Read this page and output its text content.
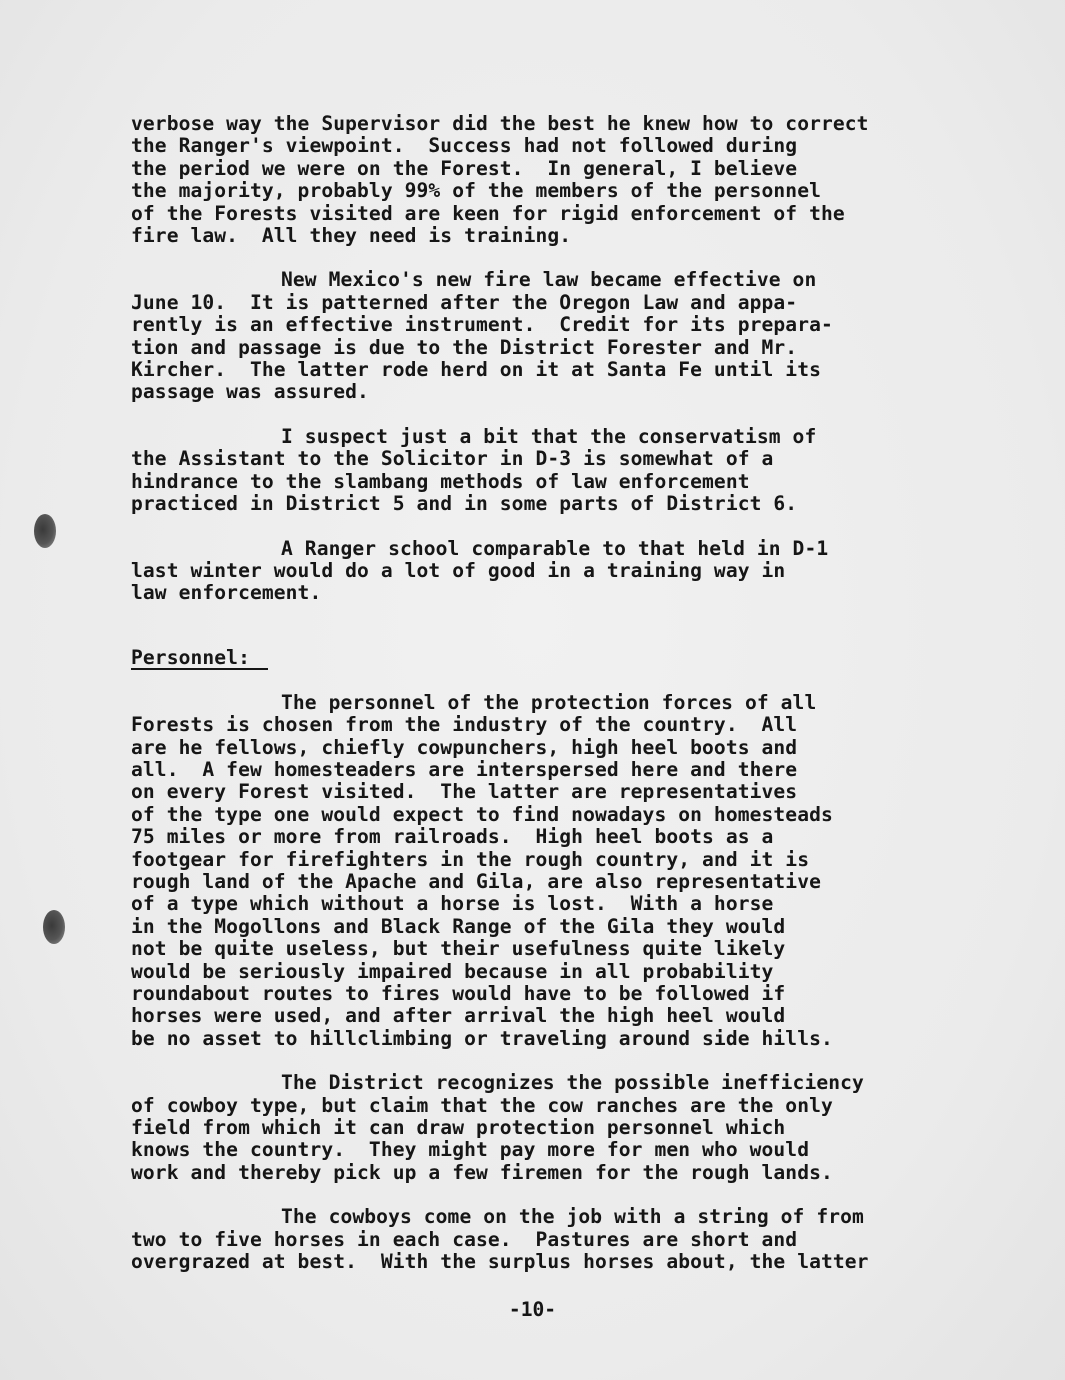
verbose way the Supervisor did the best he knew how to correct
the Ranger's viewpoint.  Success had not followed during
the period we were on the Forest.  In general, I believe
the majority, probably 99% of the members of the personnel
of the Forests visited are keen for rigid enforcement of the
fire law.  All they need is training.
New Mexico's new fire law became effective on
June 10.  It is patterned after the Oregon Law and appa-
rently is an effective instrument.  Credit for its prepara-
tion and passage is due to the District Forester and Mr.
Kircher.  The latter rode herd on it at Santa Fe until its
passage was assured.
I suspect just a bit that the conservatism of
the Assistant to the Solicitor in D-3 is somewhat of a
hindrance to the slambang methods of law enforcement
practiced in District 5 and in some parts of District 6.
A Ranger school comparable to that held in D-1
last winter would do a lot of good in a training way in
law enforcement.
Personnel:
The personnel of the protection forces of all
Forests is chosen from the industry of the country.  All
are he fellows, chiefly cowpunchers, high heel boots and
all.  A few homesteaders are interspersed here and there
on every Forest visited.  The latter are representatives
of the type one would expect to find nowadays on homesteads
75 miles or more from railroads.  High heel boots as a
footgear for firefighters in the rough country, and it is
rough land of the Apache and Gila, are also representative
of a type which without a horse is lost.  With a horse
in the Mogollons and Black Range of the Gila they would
not be quite useless, but their usefulness quite likely
would be seriously impaired because in all probability
roundabout routes to fires would have to be followed if
horses were used, and after arrival the high heel would
be no asset to hillclimbing or traveling around side hills.
The District recognizes the possible inefficiency
of cowboy type, but claim that the cow ranches are the only
field from which it can draw protection personnel which
knows the country.  They might pay more for men who would
work and thereby pick up a few firemen for the rough lands.
The cowboys come on the job with a string of from
two to five horses in each case.  Pastures are short and
overgrazed at best.  With the surplus horses about, the latter
-10-
